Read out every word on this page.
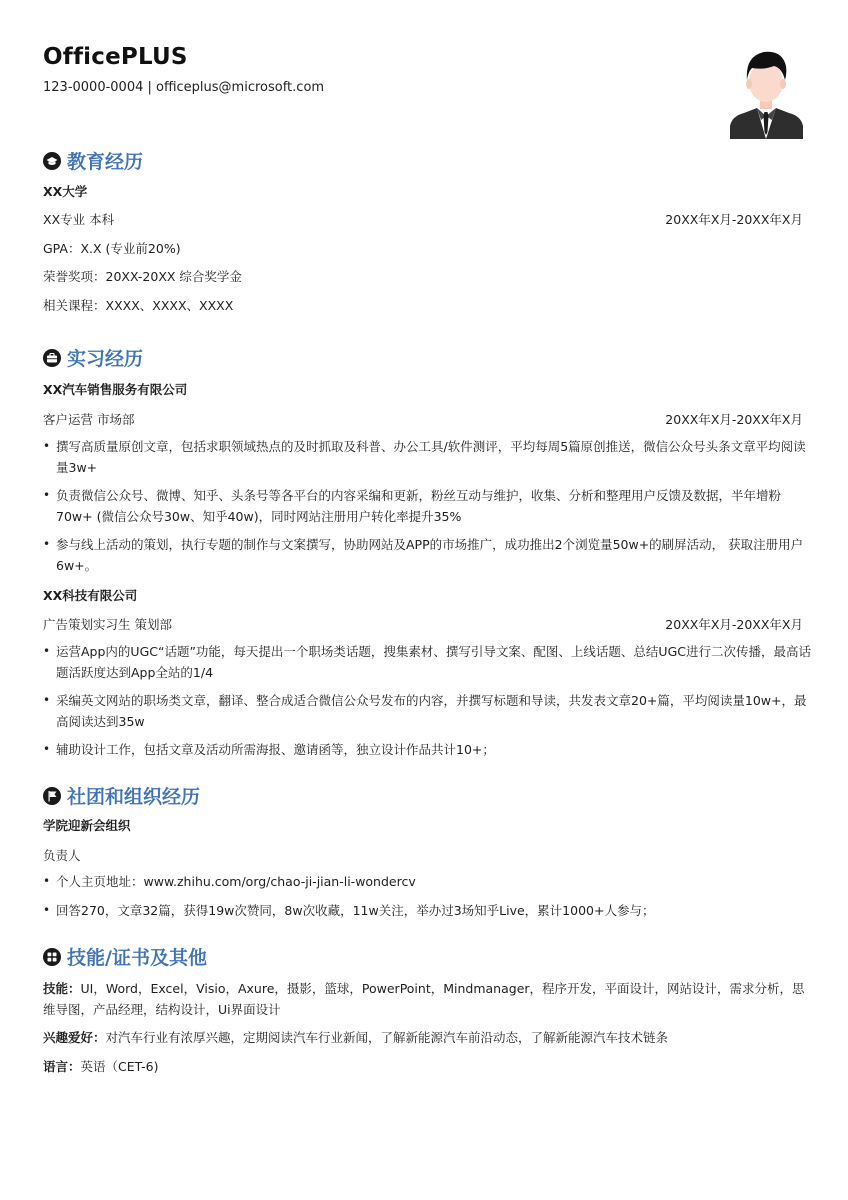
OfficePLUS
123-0000-0004 | officeplus@microsoft.com
教育经历
XX大学
XX专业 本科	20XX年X月-20XX年X月
GPA：X.X (专业前20%)
荣誉奖项：20XX-20XX 综合奖学金
相关课程：XXXX、XXXX、XXXX
实习经历
XX汽车销售服务有限公司
客户运营 市场部	20XX年X月-20XX年X月
• 撰写高质量原创文章，包括求职领域热点的及时抓取及科普、办公工具/软件测评，平均每周5篇原创推送，微信公众号头条文章平均阅读量3w+
• 负责微信公众号、微博、知乎、头条号等各平台的内容采编和更新，粉丝互动与维护，收集、分析和整理用户反馈及数据，半年增粉70w+ (微信公众号30w、知乎40w)，同时网站注册用户转化率提升35%
• 参与线上活动的策划，执行专题的制作与文案撰写，协助网站及APP的市场推广，成功推出2个浏览量50w+的刷屏活动， 获取注册用户6w+。
XX科技有限公司
广告策划实习生 策划部	20XX年X月-20XX年X月
• 运营App内的UGC“话题”功能，每天提出一个职场类话题，搜集素材、撰写引导文案、配图、上线话题、总结UGC进行二次传播，最高话题活跃度达到App全站的1/4
• 采编英文网站的职场类文章，翻译、整合成适合微信公众号发布的内容，并撰写标题和导读，共发表文章20+篇，平均阅读量10w+，最高阅读达到35w
• 辅助设计工作，包括文章及活动所需海报、邀请函等，独立设计作品共计10+；
社团和组织经历
学院迎新会组织
负责人
• 个人主页地址：www.zhihu.com/org/chao-ji-jian-li-wondercv
• 回答270，文章32篇，获得19w次赞同，8w次收藏，11w关注，举办过3场知乎Live，累计1000+人参与；
技能/证书及其他
技能：UI，Word，Excel，Visio，Axure，摄影，篮球，PowerPoint，Mindmanager，程序开发，平面设计，网站设计，需求分析，思维导图，产品经理，结构设计，Ui界面设计
兴趣爱好：对汽车行业有浓厚兴趣，定期阅读汽车行业新闻，了解新能源汽车前沿动态，了解新能源汽车技术链条
语言：英语（CET-6)
